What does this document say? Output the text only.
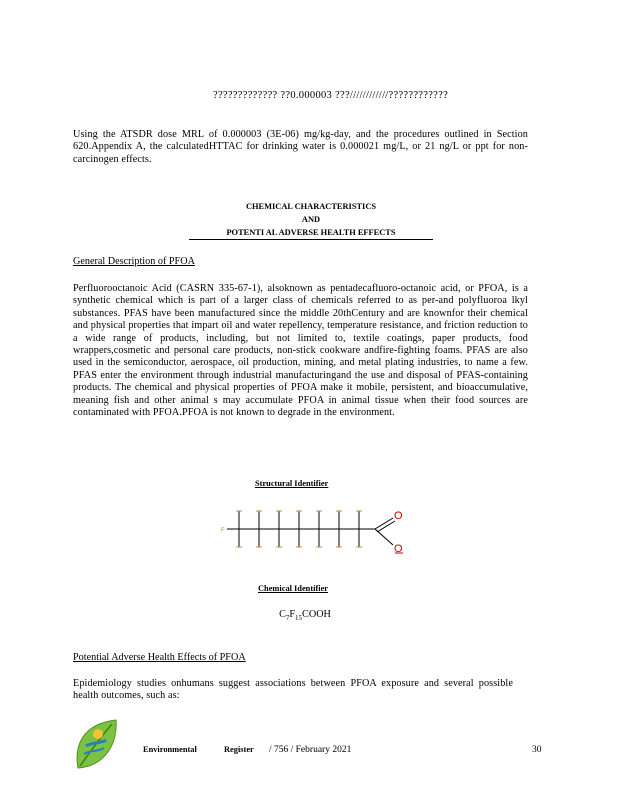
????????????? ??0.000003 ???////////////????????????
Using the ATSDR dose MRL of 0.000003 (3E-06) mg/kg-day, and the procedures outlined in Section 620.Appendix A, the calculatedHTTAC for drinking water is 0.000021 mg/L, or 21 ng/L or ppt for non-carcinogen effects.
CHEMICAL CHARACTERISTICS
AND
POTENTI AL ADVERSE HEALTH EFFECTS
General Description of PFOA
Perfluorooctanoic Acid (CASRN 335-67-1), alsoknown as pentadecafluoro-octanoic acid, or PFOA, is a synthetic chemical which is part of a larger class of chemicals referred to as per-and polyfluoroa lkyl substances. PFAS have been manufactured since the middle 20thCentury and are knownfor their chemical and physical properties that impart oil and water repellency, temperature resistance, and friction reduction to a wide range of products, including, but not limited to, textile coatings, paper products, food wrappers,cosmetic and personal care products, non-stick cookware andfire-fighting foams. PFAS are also used in the semiconductor, aerospace, oil production, mining, and metal plating industries, to name a few. PFAS enter the environment through industrial manufacturingand the use and disposal of PFAS-containing products. The chemical and physical properties of PFOA make it mobile, persistent, and bioaccumulative, meaning fish and other animal s may accumulate PFOA in animal tissue when their food sources are contaminated with PFOA.PFOA is not known to degrade in the environment.
Structural Identifier
F
O
O
Chemical Identifier
$C_7F_{15}COOH$
Potential Adverse Health Effects of PFOA
Epidemiology studies onhumans suggest associations between PFOA exposure and several possible health outcomes, such as:
Environmental	Register / 756 / February 2021	30
